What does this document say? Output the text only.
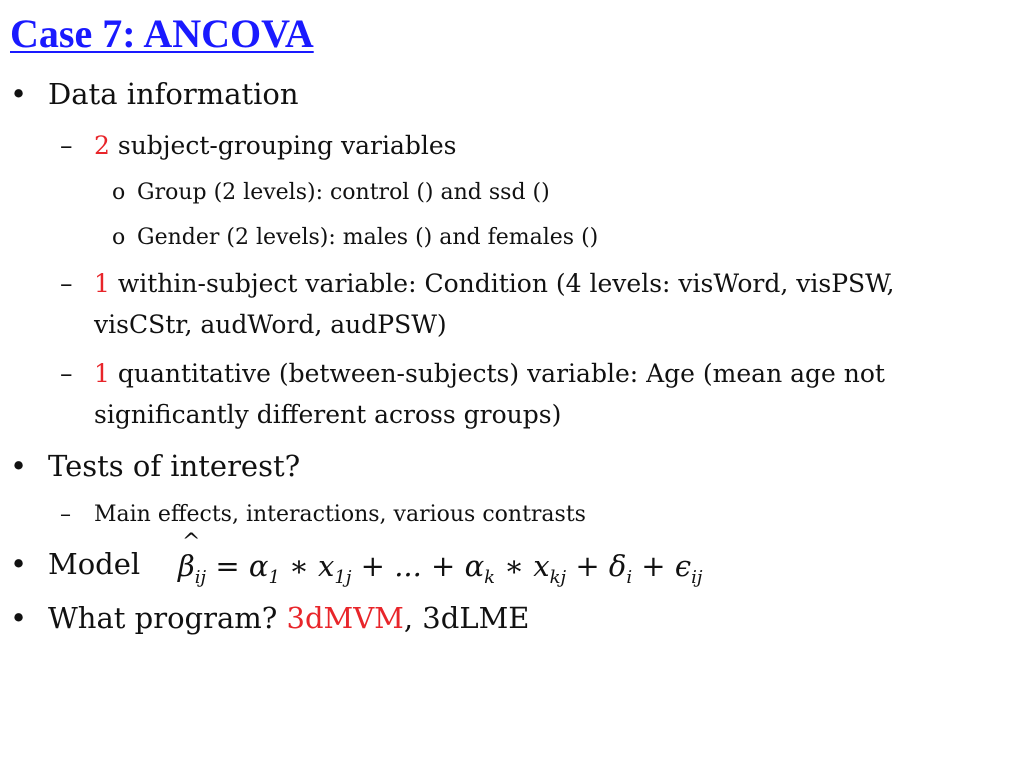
Case 7: ANCOVA
• Data information
– 2 subject-grouping variables
o Group (2 levels): control () and ssd ()
o Gender (2 levels): males () and females ()
– 1 within-subject variable: Condition (4 levels: visWord, visPSW,
visCStr, audWord, audPSW)
– 1 quantitative (between-subjects) variable: Age (mean age not
significantly different across groups)
• Tests of interest?
– Main effects, interactions, various contrasts
• Model ^ $\beta_{ij} = \alpha_1$ ∗ $x_{1j}$ + ... + $\alpha_k$ ∗ $x_{kj} + \delta_i + \epsilon_{ij}$
• What program? 3dMVM, 3dLME
